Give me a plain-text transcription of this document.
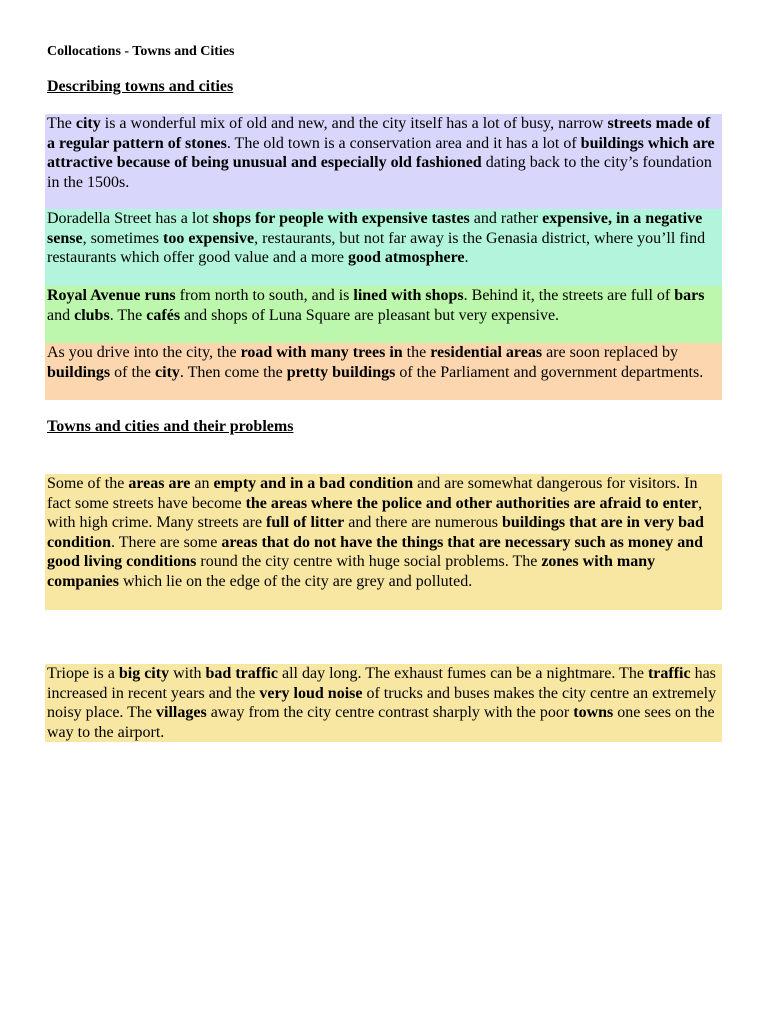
Collocations - Towns and Cities
Describing towns and cities

The city is a wonderful mix of old and new, and the city itself has a lot of busy, narrow streets made of a regular pattern of stones. The old town is a conservation area and it has a lot of buildings which are attractive because of being unusual and especially old fashioned dating back to the city’s foundation in the 1500s.

Doradella Street has a lot shops for people with expensive tastes and rather expensive, in a negative sense, sometimes too expensive, restaurants, but not far away is the Genasia district, where you’ll find restaurants which offer good value and a more good atmosphere.

Royal Avenue runs from north to south, and is lined with shops. Behind it, the streets are full of bars and clubs. The cafés and shops of Luna Square are pleasant but very expensive.

As you drive into the city, the road with many trees in the residential areas are soon replaced by buildings of the city. Then come the pretty buildings of the Parliament and government departments.

Towns and cities and their problems

Some of the areas are an empty and in a bad condition and are somewhat dangerous for visitors. In fact some streets have become the areas where the police and other authorities are afraid to enter, with high crime. Many streets are full of litter and there are numerous buildings that are in very bad condition. There are some areas that do not have the things that are necessary such as money and good living conditions round the city centre with huge social problems. The zones with many companies which lie on the edge of the city are grey and polluted.

Triope is a big city with bad traffic all day long. The exhaust fumes can be a nightmare. The traffic has increased in recent years and the very loud noise of trucks and buses makes the city centre an extremely noisy place. The villages away from the city centre contrast sharply with the poor towns one sees on the way to the airport.
